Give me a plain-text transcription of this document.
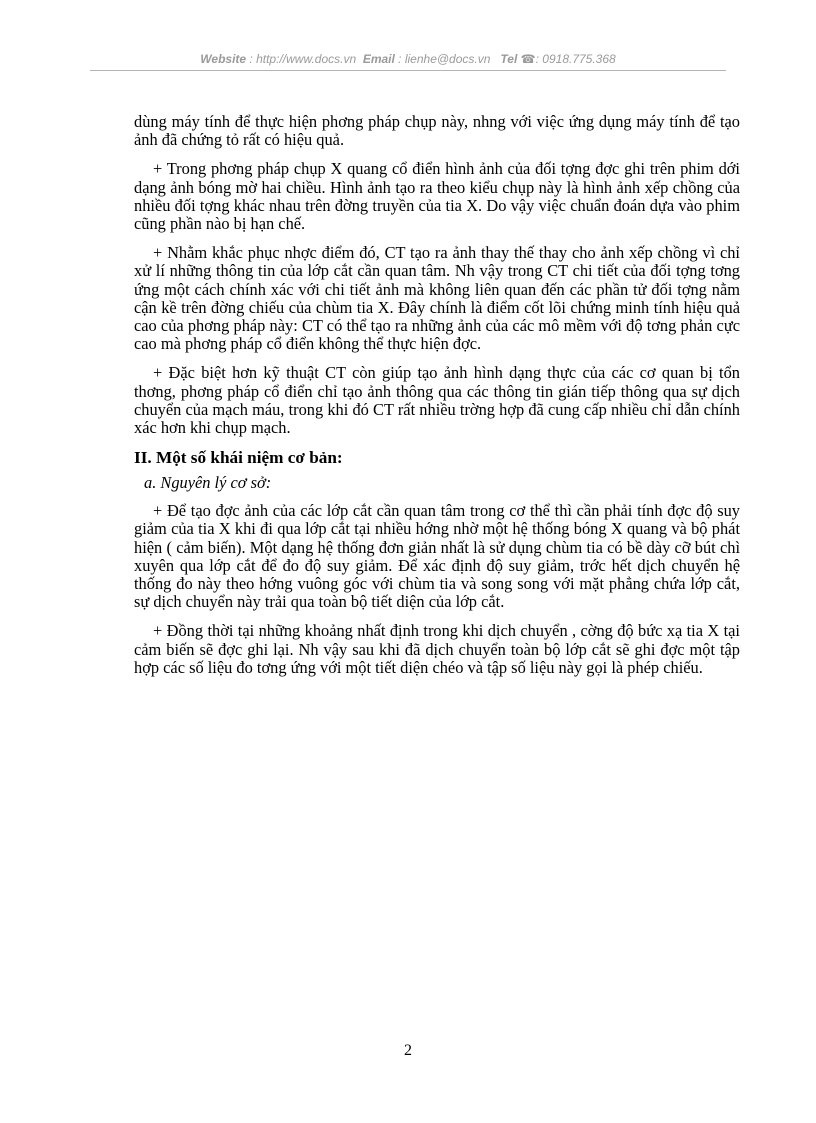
Website : http://www.docs.vn Email : lienhe@docs.vn Tel ☎: 0918.775.368

dùng máy tính để thực hiện phơng pháp chụp này, nhng với việc ứng dụng máy tính để tạo ảnh đã chứng tỏ rất có hiệu quả.

+ Trong phơng pháp chụp X quang cổ điển hình ảnh của đối tợng đợc ghi trên phim dới dạng ảnh bóng mờ hai chiều. Hình ảnh tạo ra theo kiểu chụp này là hình ảnh xếp chồng của nhiều đối tợng khác nhau trên đờng truyền của tia X. Do vậy việc chuẩn đoán dựa vào phim cũng phần nào bị hạn chế.

+ Nhằm khắc phục nhợc điểm đó, CT tạo ra ảnh thay thế thay cho ảnh xếp chồng vì chỉ xử lí những thông tin của lớp cắt cần quan tâm. Nh vậy trong CT chi tiết của đối tợng tơng ứng một cách chính xác với chi tiết ảnh mà không liên quan đến các phần tử đối tợng nằm cận kề trên đờng chiếu của chùm tia X. Đây chính là điểm cốt lõi chứng minh tính hiệu quả cao của phơng pháp này: CT có thể tạo ra những ảnh của các mô mềm với độ tơng phản cực cao mà phơng pháp cổ điển không thể thực hiện đợc.

+ Đặc biệt hơn kỹ thuật CT còn giúp tạo ảnh hình dạng thực của các cơ quan bị tổn thơng, phơng pháp cổ điển chỉ tạo ảnh thông qua các thông tin gián tiếp thông qua sự dịch chuyển của mạch máu, trong khi đó CT rất nhiều trờng hợp đã cung cấp nhiều chỉ dẫn chính xác hơn khi chụp mạch.

II. Một số khái niệm cơ bản:
a. Nguyên lý cơ sở:

+ Để tạo đợc ảnh của các lớp cắt cần quan tâm trong cơ thể thì cần phải tính đợc độ suy giảm của tia X khi đi qua lớp cắt tại nhiều hớng nhờ một hệ thống bóng X quang và bộ phát hiện ( cảm biến). Một dạng hệ thống đơn giản nhất là sử dụng chùm tia có bề dày cỡ bút chì xuyên qua lớp cắt để đo độ suy giảm. Để xác định độ suy giảm, trớc hết dịch chuyển hệ thống đo này theo hớng vuông góc với chùm tia và song song với mặt phẳng chứa lớp cắt, sự dịch chuyển này trải qua toàn bộ tiết diện của lớp cắt.

+ Đồng thời tại những khoảng nhất định trong khi dịch chuyển , cờng độ bức xạ tia X tại cảm biến sẽ đợc ghi lại. Nh vậy sau khi đã dịch chuyển toàn bộ lớp cắt sẽ ghi đợc một tập hợp các số liệu đo tơng ứng với một tiết diện chéo và tập số liệu này gọi là phép chiếu.

2
